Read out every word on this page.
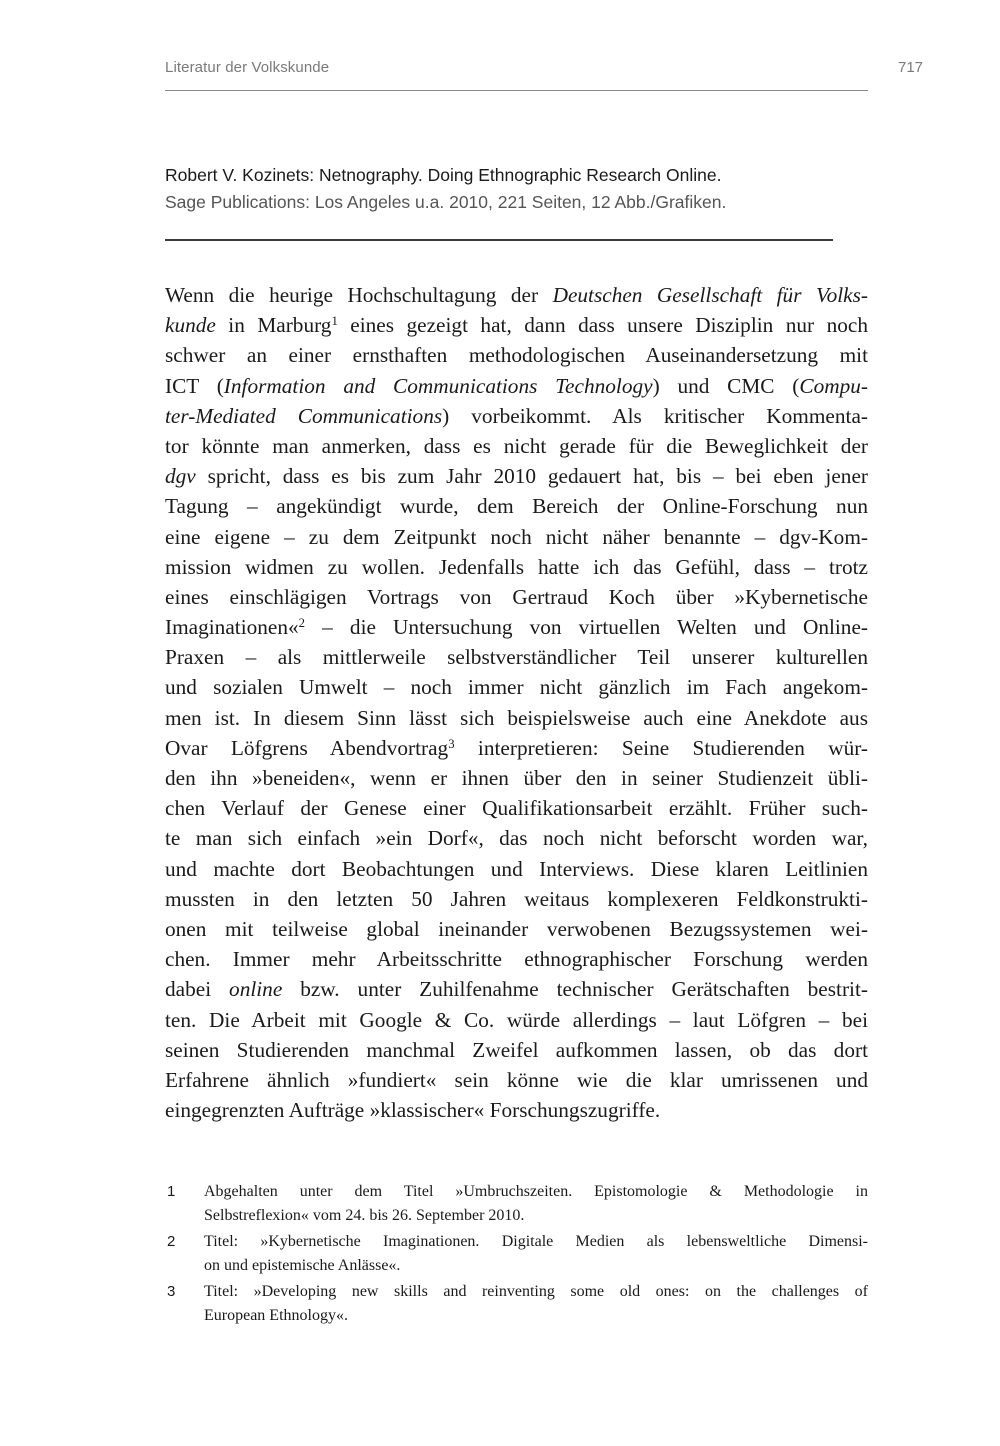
Literatur der Volkskunde	717
Robert V. Kozinets: Netnography. Doing Ethnographic Research Online.
Sage Publications: Los Angeles u.a. 2010, 221 Seiten, 12 Abb./Grafiken.
Wenn die heurige Hochschultagung der Deutschen Gesellschaft für Volks-
kunde in Marburg$^1$ eines gezeigt hat, dann dass unsere Disziplin nur noch
schwer an einer ernsthaften methodologischen Auseinandersetzung mit
ICT (Information and Communications Technology) und CMC (Compu-
ter-Mediated Communications) vorbeikommt. Als kritischer Kommenta-
tor könnte man anmerken, dass es nicht gerade für die Beweglichkeit der
dgv spricht, dass es bis zum Jahr 2010 gedauert hat, bis – bei eben jener
Tagung – angekündigt wurde, dem Bereich der Online-Forschung nun
eine eigene – zu dem Zeitpunkt noch nicht näher benannte – dgv-Kom-
mission widmen zu wollen. Jedenfalls hatte ich das Gefühl, dass – trotz
eines einschlägigen Vortrags von Gertraud Koch über »Kybernetische
Imaginationen«$^2$ – die Untersuchung von virtuellen Welten und Online-
Praxen – als mittlerweile selbstverständlicher Teil unserer kulturellen
und sozialen Umwelt – noch immer nicht gänzlich im Fach angekom-
men ist. In diesem Sinn lässt sich beispielsweise auch eine Anekdote aus
Ovar Löfgrens Abendvortrag$^3$ interpretieren: Seine Studierenden wür-
den ihn »beneiden«, wenn er ihnen über den in seiner Studienzeit übli-
chen Verlauf der Genese einer Qualifikationsarbeit erzählt. Früher such-
te man sich einfach »ein Dorf«, das noch nicht beforscht worden war,
und machte dort Beobachtungen und Interviews. Diese klaren Leitlinien
mussten in den letzten 50 Jahren weitaus komplexeren Feldkonstrukti-
onen mit teilweise global ineinander verwobenen Bezugssystemen wei-
chen. Immer mehr Arbeitsschritte ethnographischer Forschung werden
dabei online bzw. unter Zuhilfenahme technischer Gerätschaften bestrit-
ten. Die Arbeit mit Google & Co. würde allerdings – laut Löfgren – bei
seinen Studierenden manchmal Zweifel aufkommen lassen, ob das dort
Erfahrene ähnlich »fundiert« sein könne wie die klar umrissenen und
eingegrenzten Aufträge »klassischer« Forschungszugriffe.
1 Abgehalten unter dem Titel »Umbruchszeiten. Epistomologie & Methodologie in
Selbstreflexion« vom 24. bis 26. September 2010.
2 Titel: »Kybernetische Imaginationen. Digitale Medien als lebensweltliche Dimensi-
on und epistemische Anlässe«.
3 Titel: »Developing new skills and reinventing some old ones: on the challenges of
European Ethnology«.
